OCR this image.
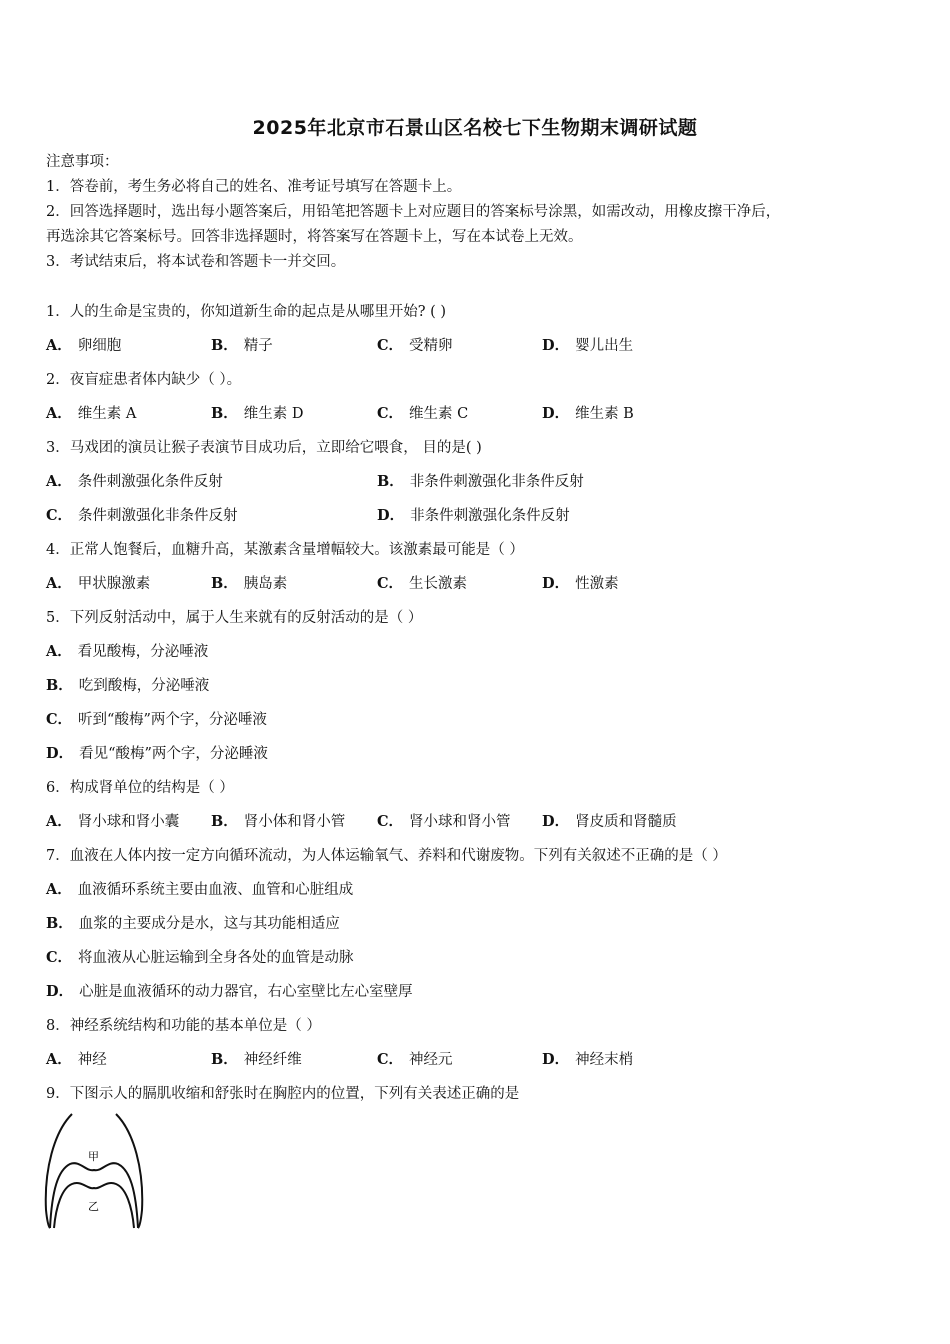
2025年北京市石景山区名校七下生物期末调研试题
注意事项：
1．答卷前，考生务必将自己的姓名、准考证号填写在答题卡上。
2．回答选择题时，选出每小题答案后，用铅笔把答题卡上对应题目的答案标号涂黑，如需改动，用橡皮擦干净后，
再选涂其它答案标号。回答非选择题时，将答案写在答题卡上，写在本试卷上无效。
3．考试结束后，将本试卷和答题卡一并交回。
1．人的生命是宝贵的，你知道新生命的起点是从哪里开始? ( )
A． 卵细胞	B． 精子	C． 受精卵	D． 婴儿出生
2．夜盲症患者体内缺少（ ）。
A． 维生素 A	B． 维生素 D	C． 维生素 C	D． 维生素 B
3．马戏团的演员让猴子表演节目成功后，立即给它喂食， 目的是( )
A． 条件刺激强化条件反射	B． 非条件刺激强化非条件反射
C． 条件刺激强化非条件反射	D． 非条件刺激强化条件反射
4．正常人饱餐后，血糖升高，某激素含量增幅较大。该激素最可能是（ ）
A． 甲状腺激素	B． 胰岛素	C． 生长激素	D． 性激素
5．下列反射活动中，属于人生来就有的反射活动的是（ ）
A． 看见酸梅，分泌唾液
B． 吃到酸梅，分泌唾液
C． 听到“酸梅”两个字，分泌唾液
D． 看见“酸梅”两个字，分泌睡液
6．构成肾单位的结构是（ ）
A． 肾小球和肾小囊 B． 肾小体和肾小管 C． 肾小球和肾小管 D． 肾皮质和肾髓质
7．血液在人体内按一定方向循环流动，为人体运输氧气、养料和代谢废物。下列有关叙述不正确的是（ ）
A． 血液循环系统主要由血液、血管和心脏组成
B． 血浆的主要成分是水，这与其功能相适应
C． 将血液从心脏运输到全身各处的血管是动脉
D． 心脏是血液循环的动力器官，右心室壁比左心室壁厚
8．神经系统结构和功能的基本单位是（ ）
A． 神经	B． 神经纤维	C． 神经元	D． 神经末梢
9．下图示人的膈肌收缩和舒张时在胸腔内的位置，下列有关表述正确的是
甲
乙
